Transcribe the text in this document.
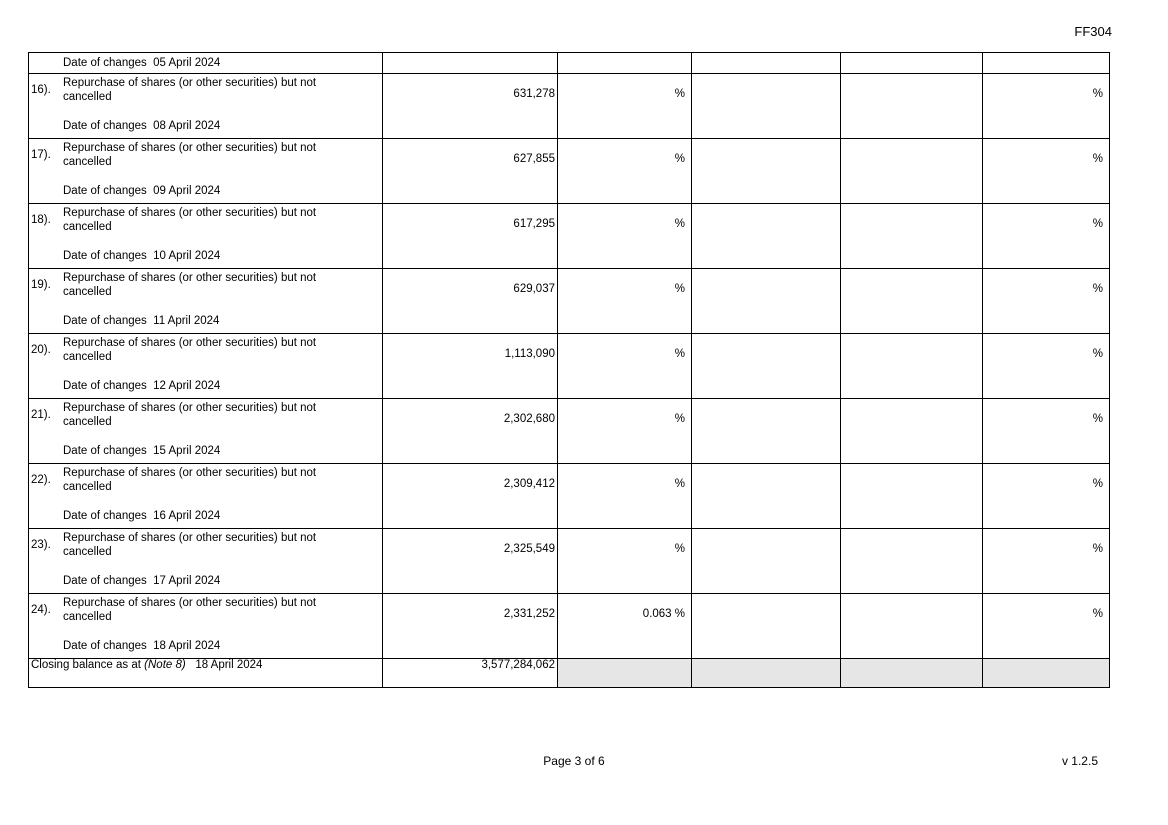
FF304
Date of changes 05 April 2024					

16).
Repurchase of shares (or other securities) but not cancelled
Date of changes 08 April 2024	631,278	%			%

17).
Repurchase of shares (or other securities) but not cancelled
Date of changes 09 April 2024	627,855	%			%

18).
Repurchase of shares (or other securities) but not cancelled
Date of changes 10 April 2024	617,295	%			%

19).
Repurchase of shares (or other securities) but not cancelled
Date of changes 11 April 2024	629,037	%			%

20).
Repurchase of shares (or other securities) but not cancelled
Date of changes 12 April 2024	1,113,090	%			%

21).
Repurchase of shares (or other securities) but not cancelled
Date of changes 15 April 2024	2,302,680	%			%

22).
Repurchase of shares (or other securities) but not cancelled
Date of changes 16 April 2024	2,309,412	%			%

23).
Repurchase of shares (or other securities) but not cancelled
Date of changes 17 April 2024	2,325,549	%			%

24).
Repurchase of shares (or other securities) but not cancelled
Date of changes 18 April 2024	2,331,252	0.063 %			%

Closing balance as at (Note 8) 18 April 2024	3,577,284,062				
Page 3 of 6	v 1.2.5
